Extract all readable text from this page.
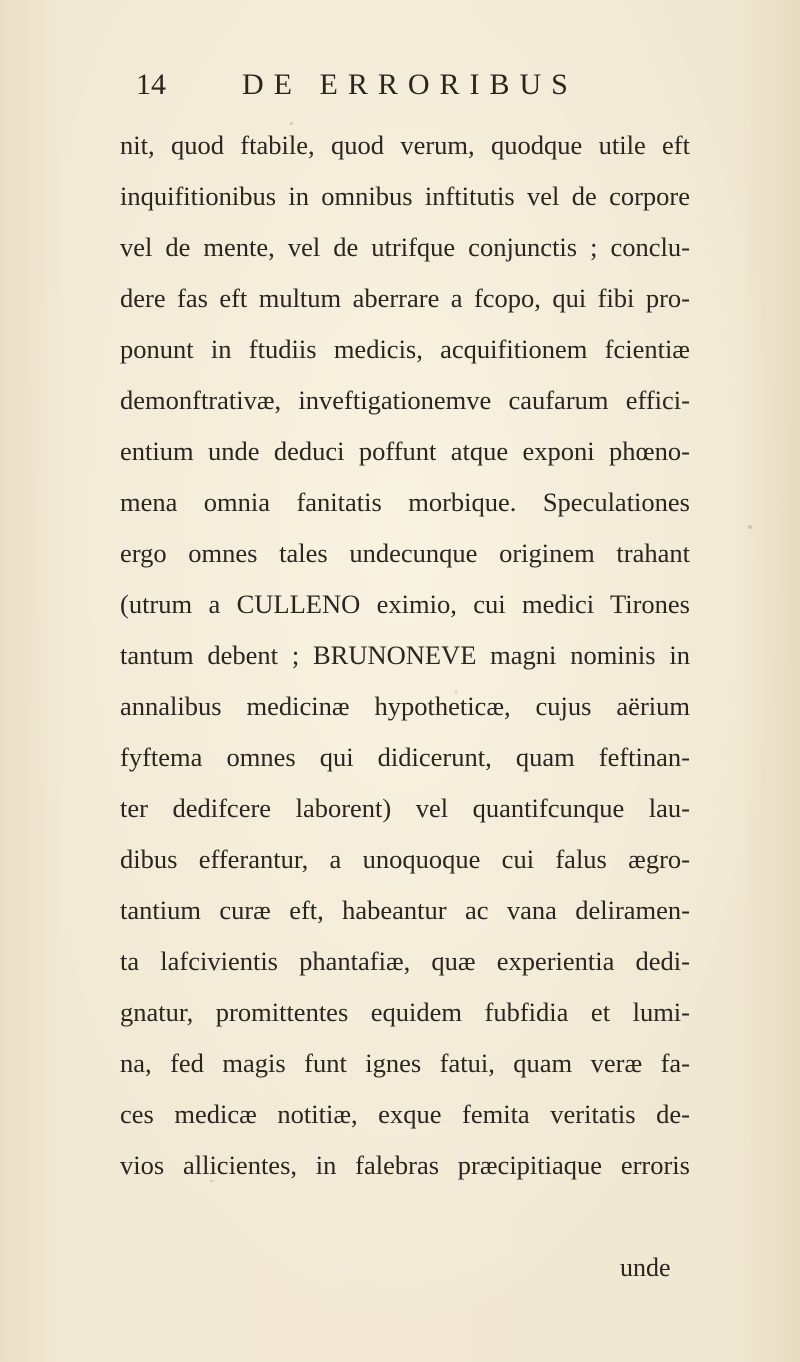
14	DE ERRORIBUS
nit, quod ftabile, quod verum, quodque utile eft
inquifitionibus in omnibus inftitutis vel de corpore
vel de mente, vel de utrifque conjunctis ; conclu-
dere fas eft multum aberrare a fcopo, qui fibi pro-
ponunt in ftudiis medicis, acquifitionem fcientiæ
demonftrativæ, inveftigationemve caufarum effici-
entium unde deduci poffunt atque exponi phœno-
mena omnia fanitatis morbique. Speculationes
ergo omnes tales undecunque originem trahant
(utrum a CULLENO eximio, cui medici Tirones
tantum debent ; BRUNONEVE magni nominis in
annalibus medicinæ hypotheticæ, cujus aërium
fyftema omnes qui didicerunt, quam feftinan-
ter dedifcere laborent) vel quantifcunque lau-
dibus efferantur, a unoquoque cui falus ægro-
tantium curæ eft, habeantur ac vana deliramen-
ta lafcivientis phantafiæ, quæ experientia dedi-
gnatur, promittentes equidem fubfidia et lumi-
na, fed magis funt ignes fatui, quam veræ fa-
ces medicæ notitiæ, exque femita veritatis de-
vios allicientes, in falebras præcipitiaque erroris
unde
